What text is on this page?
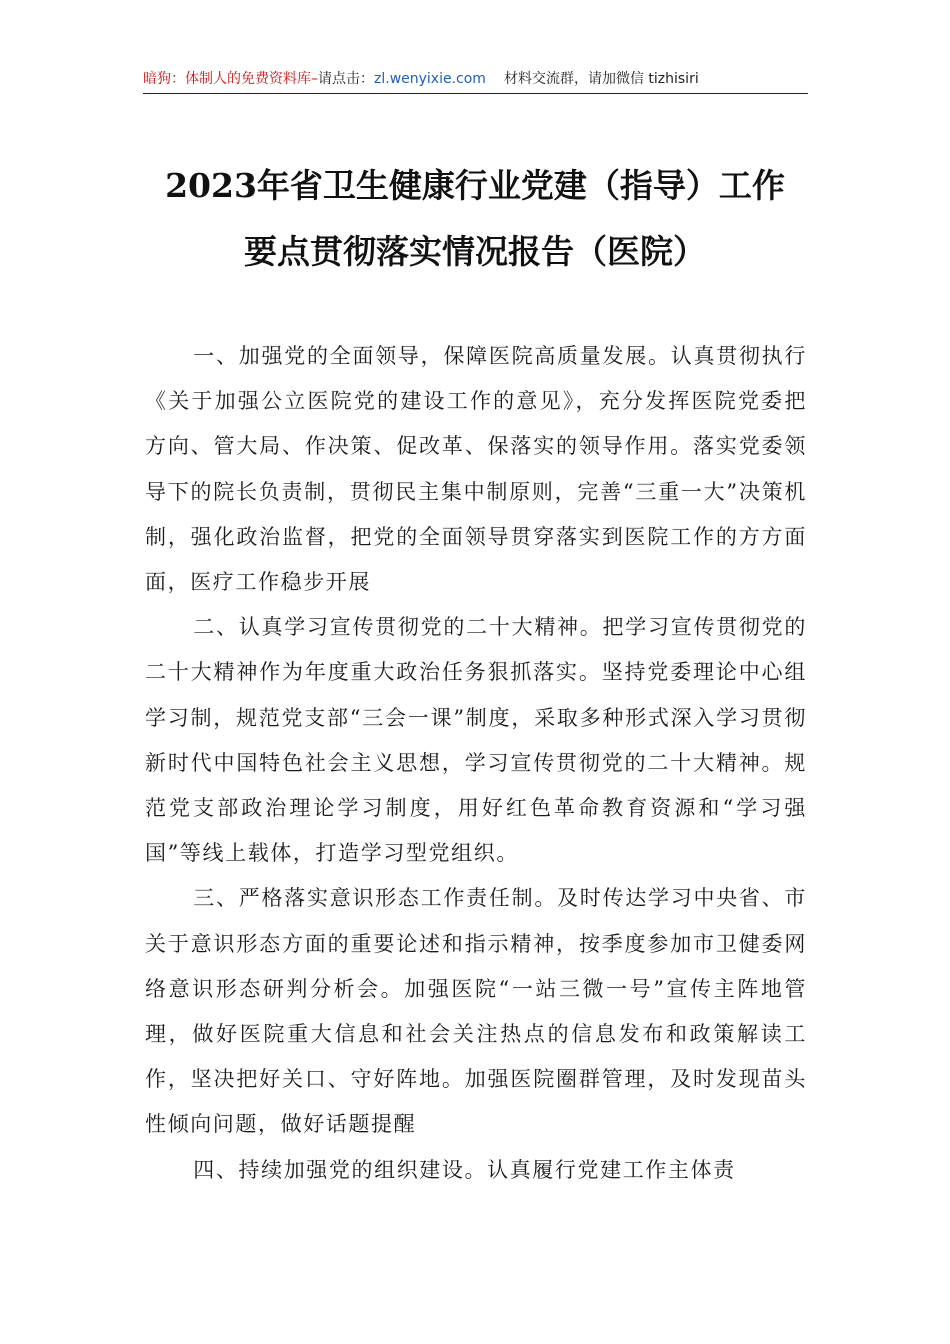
暗狗：体制人的免费资料库–请点击：zl.wenyixie.com 材料交流群，请加微信 tizhisiri
2023年省卫生健康行业党建（指导）工作
要点贯彻落实情况报告（医院）

一、加强党的全面领导，保障医院高质量发展。认真贯彻执行《关于加强公立医院党的建设工作的意见》，充分发挥医院党委把方向、管大局、作决策、促改革、保落实的领导作用。落实党委领导下的院长负责制，贯彻民主集中制原则，完善“三重一大”决策机制，强化政治监督，把党的全面领导贯穿落实到医院工作的方方面面，医疗工作稳步开展

二、认真学习宣传贯彻党的二十大精神。把学习宣传贯彻党的二十大精神作为年度重大政治任务狠抓落实。坚持党委理论中心组学习制，规范党支部“三会一课”制度，采取多种形式深入学习贯彻新时代中国特色社会主义思想，学习宣传贯彻党的二十大精神。规范党支部政治理论学习制度，用好红色革命教育资源和“学习强国”等线上载体，打造学习型党组织。

三、严格落实意识形态工作责任制。及时传达学习中央省、市关于意识形态方面的重要论述和指示精神，按季度参加市卫健委网络意识形态研判分析会。加强医院“一站三微一号”宣传主阵地管理，做好医院重大信息和社会关注热点的信息发布和政策解读工作，坚决把好关口、守好阵地。加强医院圈群管理，及时发现苗头性倾向问题，做好话题提醒

四、持续加强党的组织建设。认真履行党建工作主体责
